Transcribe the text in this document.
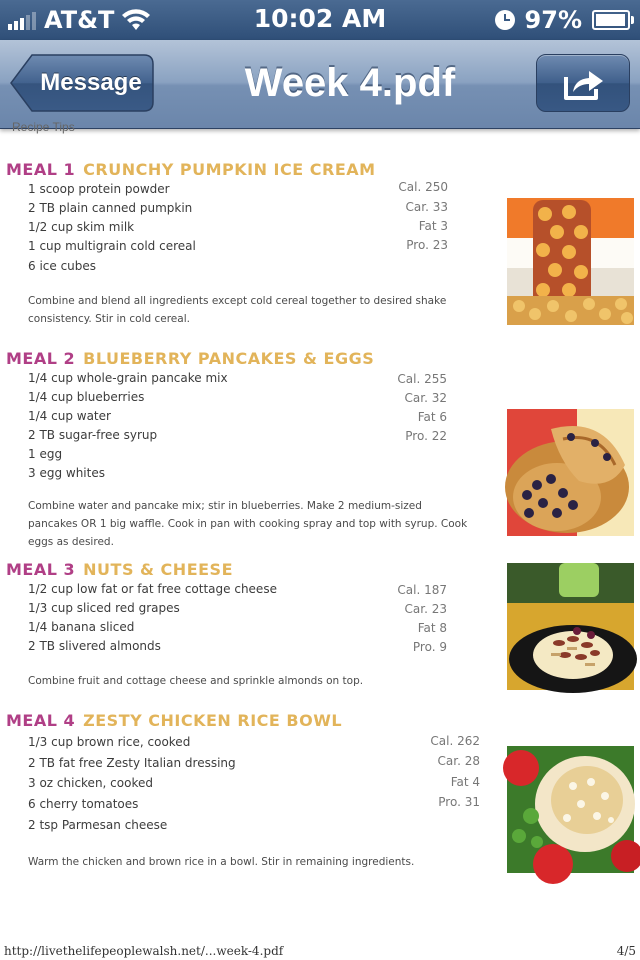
AT&T	10:02 AM	97%
Message	Week 4.pdf
Recipe Tips
MEAL 1 CRUNCHY PUMPKIN ICE CREAM
1 scoop protein powder
2 TB plain canned pumpkin
1/2 cup skim milk
1 cup multigrain cold cereal
6 ice cubes
Cal. 250
Car. 33
Fat 3
Pro. 23
Combine and blend all ingredients except cold cereal together to desired shake consistency. Stir in cold cereal.
MEAL 2 BLUEBERRY PANCAKES & EGGS
1/4 cup whole-grain pancake mix
1/4 cup blueberries
1/4 cup water
2 TB sugar-free syrup
1 egg
3 egg whites
Cal. 255
Car. 32
Fat 6
Pro. 22
Combine water and pancake mix; stir in blueberries. Make 2 medium-sized pancakes OR 1 big waffle. Cook in pan with cooking spray and top with syrup. Cook eggs as desired.
MEAL 3 NUTS & CHEESE
1/2 cup low fat or fat free cottage cheese
1/3 cup sliced red grapes
1/4 banana sliced
2 TB slivered almonds
Cal. 187
Car. 23
Fat 8
Pro. 9
Combine fruit and cottage cheese and sprinkle almonds on top.
MEAL 4 ZESTY CHICKEN RICE BOWL
1/3 cup brown rice, cooked
2 TB fat free Zesty Italian dressing
3 oz chicken, cooked
6 cherry tomatoes
2 tsp Parmesan cheese
Cal. 262
Car. 28
Fat 4
Pro. 31
Warm the chicken and brown rice in a bowl. Stir in remaining ingredients.
http://livethelifepeoplewalsh.net/...week-4.pdf	4/5
